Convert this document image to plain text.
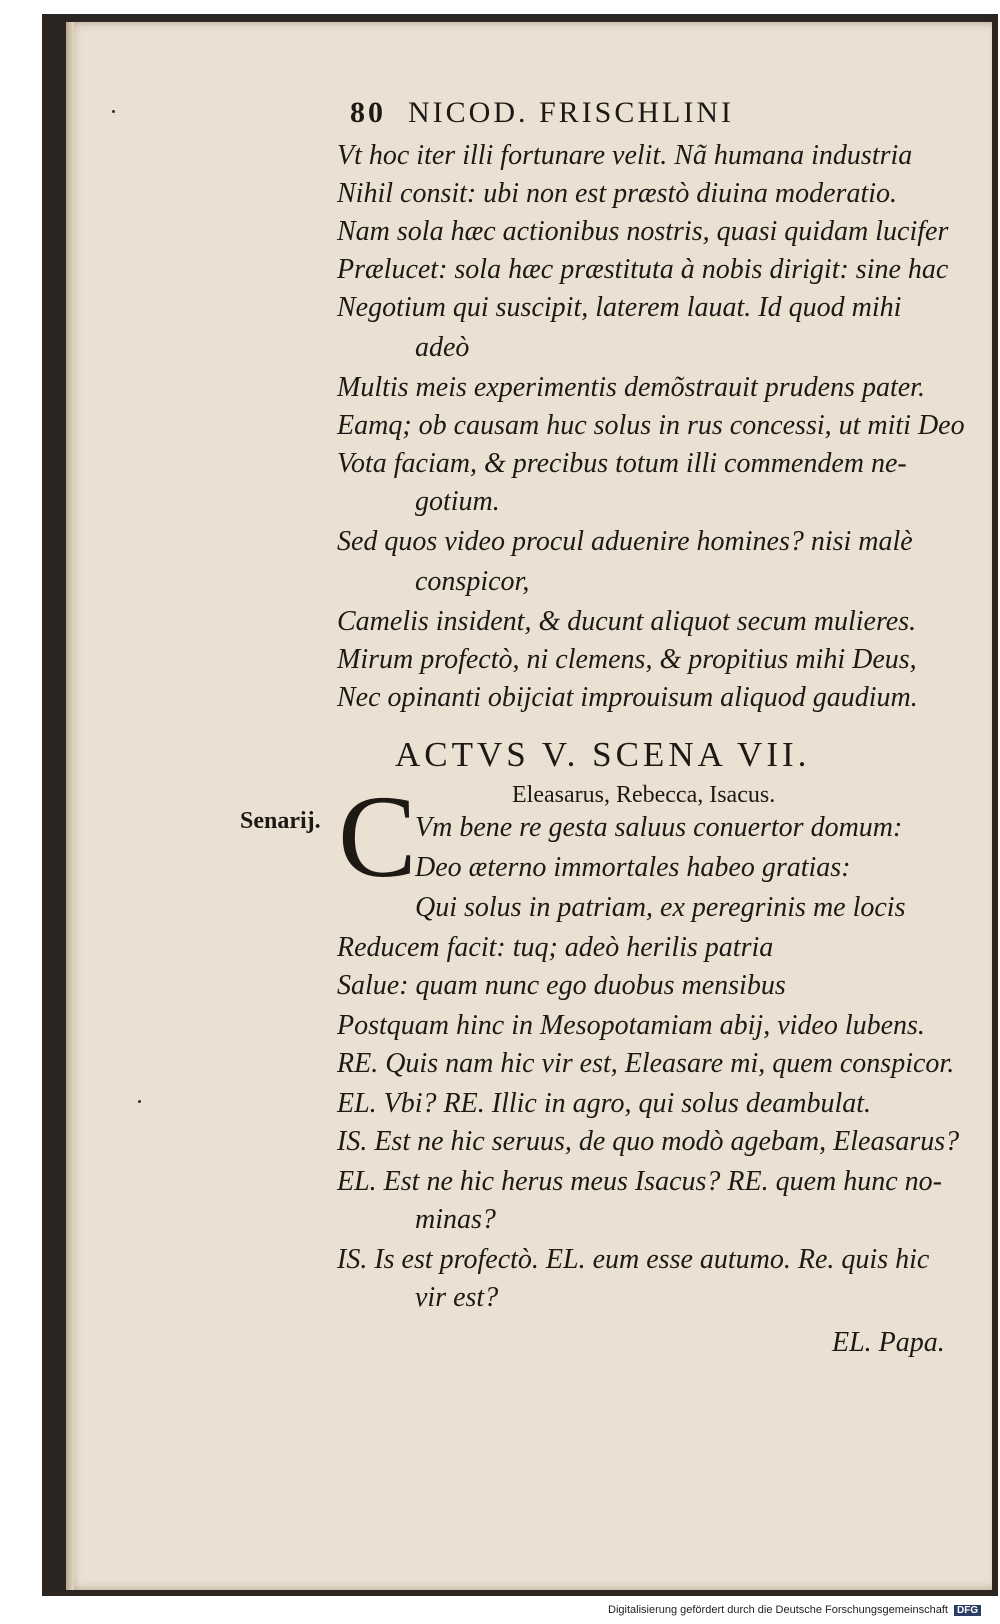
80 NICOD. FRISCHLINI
Vt hoc iter illi fortunare velit. Nã humana industria
Nihil consit: ubi non est præstò diuina moderatio.
Nam sola hæc actionibus nostris, quasi quidam lucifer
Prælucet: sola hæc præstituta à nobis dirigit: sine hac
Negotium qui suscipit, laterem lauat. Id quod mihi
adeò
Multis meis experimentis demõstrauit prudens pater.
Eamq; ob causam huc solus in rus concessi, ut miti Deo
Vota faciam, & precibus totum illi commendem ne-
gotium.
Sed quos video procul aduenire homines? nisi malè
conspicor,
Camelis insident, & ducunt aliquot secum mulieres.
Mirum profectò, ni clemens, & propitius mihi Deus,
Nec opinanti obijciat improuisum aliquod gaudium.
ACTVS V. SCENA VII.
Eleasarus, Rebecca, Isacus.
Senarij. C
Vm bene re gesta saluus conuertor domum:
Deo æterno immortales habeo gratias:
Qui solus in patriam, ex peregrinis me locis
Reducem facit: tuq; adeò herilis patria
Salue: quam nunc ego duobus mensibus
Postquam hinc in Mesopotamiam abij, video lubens.
RE. Quis nam hic vir est, Eleasare mi, quem conspicor.
EL. Vbi? RE. Illic in agro, qui solus deambulat.
IS. Est ne hic seruus, de quo modò agebam, Eleasarus?
EL. Est ne hic herus meus Isacus? RE. quem hunc no-
minas?
IS. Is est profectò. EL. eum esse autumo. Re. quis hic
vir est?
EL. Papa.
Digitalisierung gefördert durch die Deutsche Forschungsgemeinschaft DFG
